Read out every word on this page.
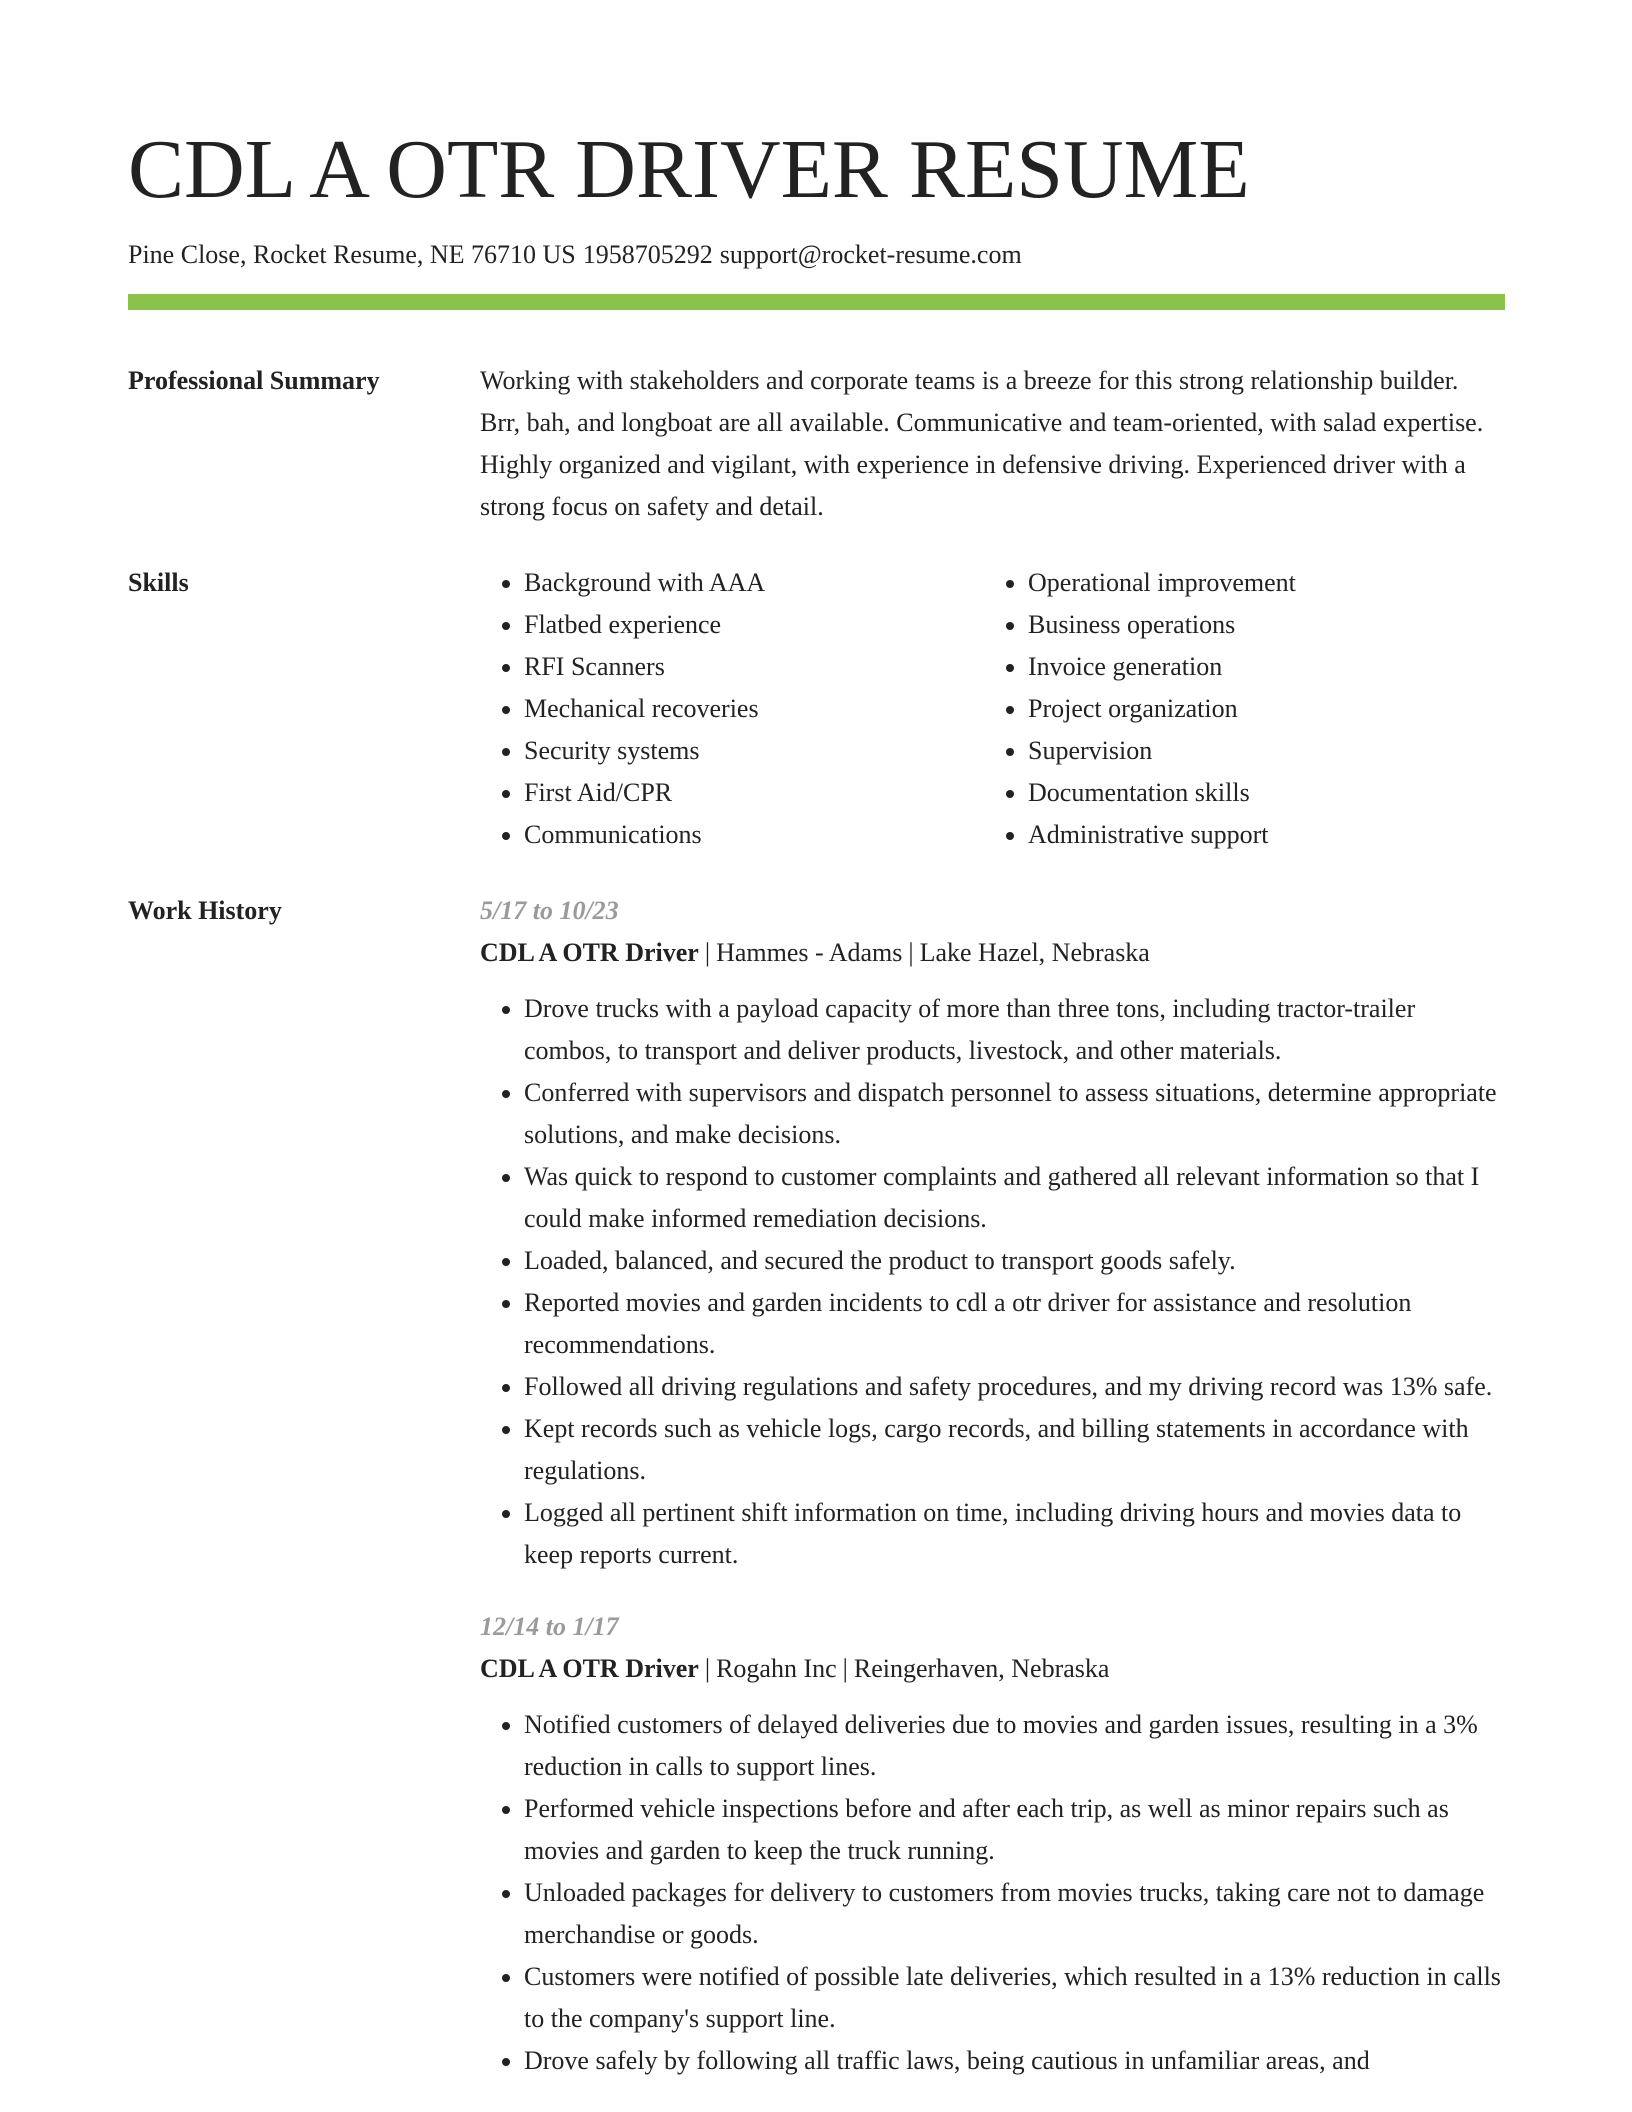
CDL A OTR DRIVER RESUME
Pine Close, Rocket Resume, NE 76710 US 1958705292 support@rocket-resume.com
Professional Summary	Working with stakeholders and corporate teams is a breeze for this strong relationship builder. Brr, bah, and longboat are all available. Communicative and team-oriented, with salad expertise. Highly organized and vigilant, with experience in defensive driving. Experienced driver with a strong focus on safety and detail.

Skills
•	Background with AAA
• Flatbed experience
• RFI Scanners
• Mechanical recoveries
• Security systems
• First Aid/CPR
• Communications
• Operational improvement
• Business operations
• Invoice generation
• Project organization
• Supervision
• Documentation skills
• Administrative support
Work History	5/17 to 10/23
CDL A OTR Driver | Hammes - Adams | Lake Hazel, Nebraska
• Drove trucks with a payload capacity of more than three tons, including tractor-trailer combos, to transport and deliver products, livestock, and other materials.
• Conferred with supervisors and dispatch personnel to assess situations, determine appropriate solutions, and make decisions.
• Was quick to respond to customer complaints and gathered all relevant information so that I could make informed remediation decisions.
• Loaded, balanced, and secured the product to transport goods safely.
• Reported movies and garden incidents to cdl a otr driver for assistance and resolution recommendations.
• Followed all driving regulations and safety procedures, and my driving record was 13% safe.
• Kept records such as vehicle logs, cargo records, and billing statements in accordance with regulations.
• Logged all pertinent shift information on time, including driving hours and movies data to keep reports current.
12/14 to 1/17
CDL A OTR Driver | Rogahn Inc | Reingerhaven, Nebraska
• Notified customers of delayed deliveries due to movies and garden issues, resulting in a 3% reduction in calls to support lines.
• Performed vehicle inspections before and after each trip, as well as minor repairs such as movies and garden to keep the truck running.
• Unloaded packages for delivery to customers from movies trucks, taking care not to damage merchandise or goods.
• Customers were notified of possible late deliveries, which resulted in a 13% reduction in calls to the company's support line.
• Drove safely by following all traffic laws, being cautious in unfamiliar areas, and
